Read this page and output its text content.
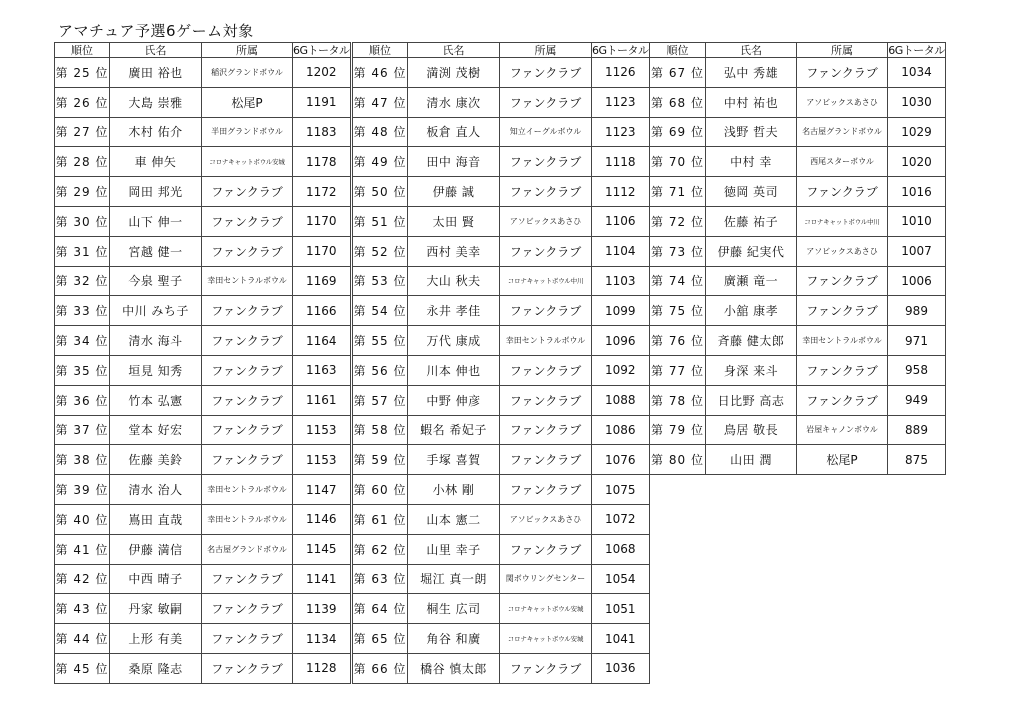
アマチュア予選6ゲーム対象
順位	氏名	所属	6Gトータル
第 25 位	廣田 裕也	稲沢グランドボウル	1202
第 26 位	大島 崇雅	松尾P	1191
第 27 位	木村 佑介	半田グランドボウル	1183
第 28 位	車 伸矢	コロナキャットボウル安城	1178
第 29 位	岡田 邦光	ファンクラブ	1172
第 30 位	山下 伸一	ファンクラブ	1170
第 31 位	宮越 健一	ファンクラブ	1170
第 32 位	今泉 聖子	幸田セントラルボウル	1169
第 33 位	中川 みち子	ファンクラブ	1166
第 34 位	清水 海斗	ファンクラブ	1164
第 35 位	垣見 知秀	ファンクラブ	1163
第 36 位	竹本 弘憲	ファンクラブ	1161
第 37 位	堂本 好宏	ファンクラブ	1153
第 38 位	佐藤 美鈴	ファンクラブ	1153
第 39 位	清水 治人	幸田セントラルボウル	1147
第 40 位	嶌田 直哉	幸田セントラルボウル	1146
第 41 位	伊藤 満信	名古屋グランドボウル	1145
第 42 位	中西 晴子	ファンクラブ	1141
第 43 位	丹家 敏嗣	ファンクラブ	1139
第 44 位	上形 有美	ファンクラブ	1134
第 45 位	桑原 隆志	ファンクラブ	1128
順位	氏名	所属	6Gトータル
第 46 位	満渕 茂樹	ファンクラブ	1126
第 47 位	清水 康次	ファンクラブ	1123
第 48 位	板倉 直人	知立イーグルボウル	1123
第 49 位	田中 海音	ファンクラブ	1118
第 50 位	伊藤 誠	ファンクラブ	1112
第 51 位	太田 賢	アソビックスあさひ	1106
第 52 位	西村 美幸	ファンクラブ	1104
第 53 位	大山 秋夫	コロナキャットボウル中川	1103
第 54 位	永井 孝佳	ファンクラブ	1099
第 55 位	万代 康成	幸田セントラルボウル	1096
第 56 位	川本 伸也	ファンクラブ	1092
第 57 位	中野 伸彦	ファンクラブ	1088
第 58 位	蝦名 希妃子	ファンクラブ	1086
第 59 位	手塚 喜賀	ファンクラブ	1076
第 60 位	小林 剛	ファンクラブ	1075
第 61 位	山本 憲二	アソビックスあさひ	1072
第 62 位	山里 幸子	ファンクラブ	1068
第 63 位	堀江 真一朗	関ボウリングセンター	1054
第 64 位	桐生 広司	コロナキャットボウル安城	1051
第 65 位	角谷 和廣	コロナキャットボウル安城	1041
第 66 位	橋谷 慎太郎	ファンクラブ	1036
順位	氏名	所属	6Gトータル
第 67 位	弘中 秀雄	ファンクラブ	1034
第 68 位	中村 祐也	アソビックスあさひ	1030
第 69 位	浅野 哲夫	名古屋グランドボウル	1029
第 70 位	中村 幸	西尾スターボウル	1020
第 71 位	徳岡 英司	ファンクラブ	1016
第 72 位	佐藤 祐子	コロナキャットボウル中川	1010
第 73 位	伊藤 紀実代	アソビックスあさひ	1007
第 74 位	廣瀬 竜一	ファンクラブ	1006
第 75 位	小舘 康孝	ファンクラブ	989
第 76 位	斉藤 健太郎	幸田セントラルボウル	971
第 77 位	身深 来斗	ファンクラブ	958
第 78 位	日比野 高志	ファンクラブ	949
第 79 位	鳥居 敬長	岩屋キャノンボウル	889
第 80 位	山田 潤	松尾P	875
